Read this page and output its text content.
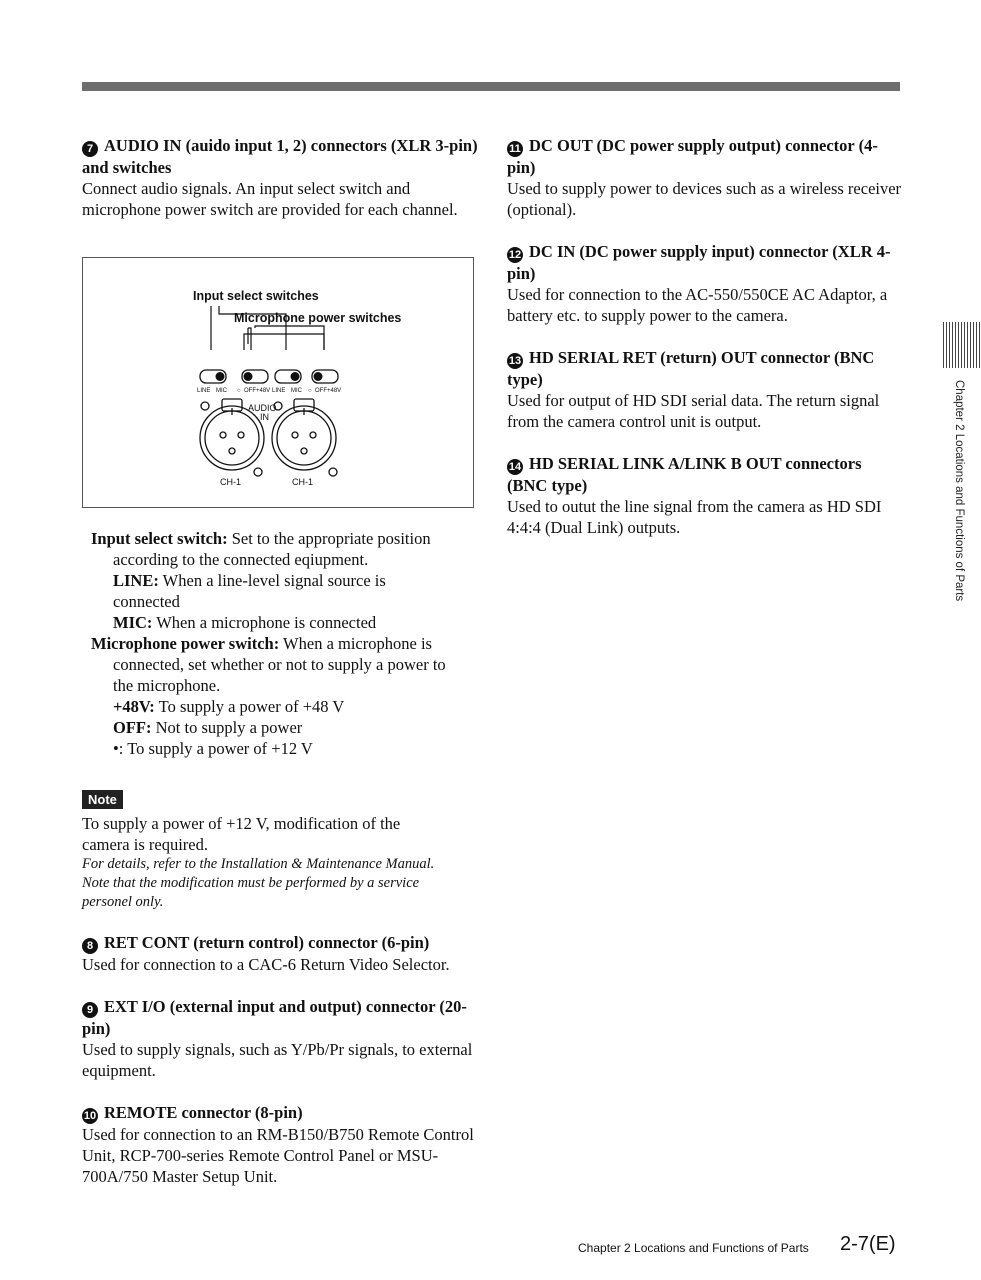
7 AUDIO IN (auido input 1, 2) connectors (XLR 3-pin) and switches

Connect audio signals. An input select switch and microphone power switch are provided for each channel.

Input select switches
Microphone power switches
LINE MIC ○ OFF +48V LINE MIC ○ OFF +48V
AUDIO
IN
CH-1	CH-1

Input select switch: Set to the appropriate position

according to the connected eqiupment.

LINE: When a line-level signal source is

connected

MIC: When a microphone is connected

Microphone power switch: When a microphone is

connected, set whether or not to supply a power to

the microphone.

+48V: To supply a power of +48 V

OFF: Not to supply a power

•: To supply a power of +12 V

Note

To supply a power of +12 V, modification of the

camera is required.

For details, refer to the Installation & Maintenance Manual.

Note that the modification must be performed by a service

personel only.

8 RET CONT (return control) connector (6-pin)

Used for connection to a CAC-6 Return Video Selector.

9 EXT I/O (external input and output) connector (20-pin)

Used to supply signals, such as Y/Pb/Pr signals, to external equipment.

10 REMOTE connector (8-pin)

Used for connection to an RM-B150/B750 Remote Control Unit, RCP-700-series Remote Control Panel or MSU-700A/750 Master Setup Unit.

11 DC OUT (DC power supply output) connector (4-pin)

Used to supply power to devices such as a wireless receiver (optional).

12 DC IN (DC power supply input) connector (XLR 4-pin)

Used for connection to the AC-550/550CE AC Adaptor, a battery etc. to supply power to the camera.

13 HD SERIAL RET (return) OUT connector (BNC type)

Used for output of HD SDI serial data. The return signal from the camera control unit is output.

14 HD SERIAL LINK A/LINK B OUT connectors (BNC type)

Used to outut the line signal from the camera as HD SDI 4:4:4 (Dual Link) outputs.	Chapter 2 Locations and Functions of Parts
Chapter 2 Locations and Functions of Parts 2-7(E)
